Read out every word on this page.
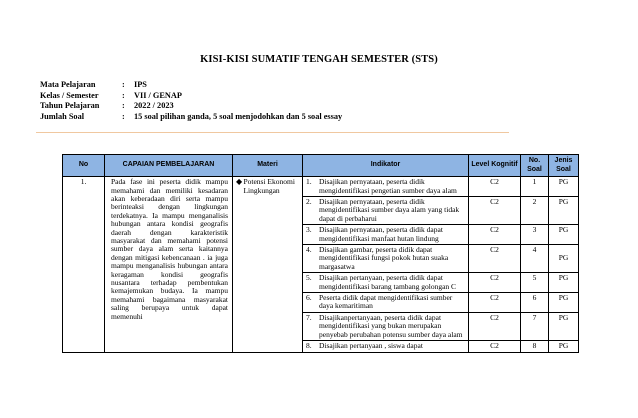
KISI-KISI SUMATIF TENGAH SEMESTER (STS)
Mata Pelajaran	:	IPS
Kelas / Semester	:	VII / GENAP
Tahun Pelajaran	:	2022 / 2023
Jumlah Soal	:	15 soal pilihan ganda, 5 soal menjodohkan dan 5 soal essay
No	CAPAIAN PEMBELAJARAN	Materi	Indikator	Level Kognitif	No. Soal	Jenis Soal
1.	Pada fase ini peserta didik mampu memahami dan memiliki kesadaran akan keberadaan diri serta mampu berinteaksi dengan lingkungan terdekatnya. Ia mampu menganalisis hubungan antara kondisi geografis daerah dengan karakteristik masyarakat dan memahami potensi sumber daya alam serta kaitannya dengan mitigasi kebencanaan . ia juga mampu menganalisis hubungan antara keragaman kondisi geografis nusantara terhadap pembentukan kemajemukan budaya. Ia mampu memahami bagaimana masyarakat saling berupaya untuk dapat memenuhi	◆ Potensi Ekonomi Lingkungan	1. Disajikan pernyataan, peserta didik mengidentifikasi pengetian sumber daya alam	C2	1	PG

			2. Disajikan pernyataan, peserta didik mengidentifikasi sumber daya alam yang tidak dapat di perbaharui	C2	2	PG

			3. Disajikan pernyataan, peserta didik dapat mengidentifikasi manfaat hutan lindung	C2	3	PG

			4. Disajikan gambar, peserta didik dapat mengidentifikasi fungsi pokok hutan suaka margasatwa	C2	4	PG

			5. Disajikan pertanyaan, peserta didik dapat mengidentifikasi barang tambang golongan C	C2	5	PG

			6. Peserta didik dapat mengidentifikasi sumber daya kemaritiman	C2	6	PG

			7. Disajikanpertanyaan, peserta didik dapat mengidentifikasi yang bukan merupakan penyebab perubahan potensu sumber daya alam	C2	7	PG

			8. Disajikan pertanyaan , siswa dapat	C2	8	PG
